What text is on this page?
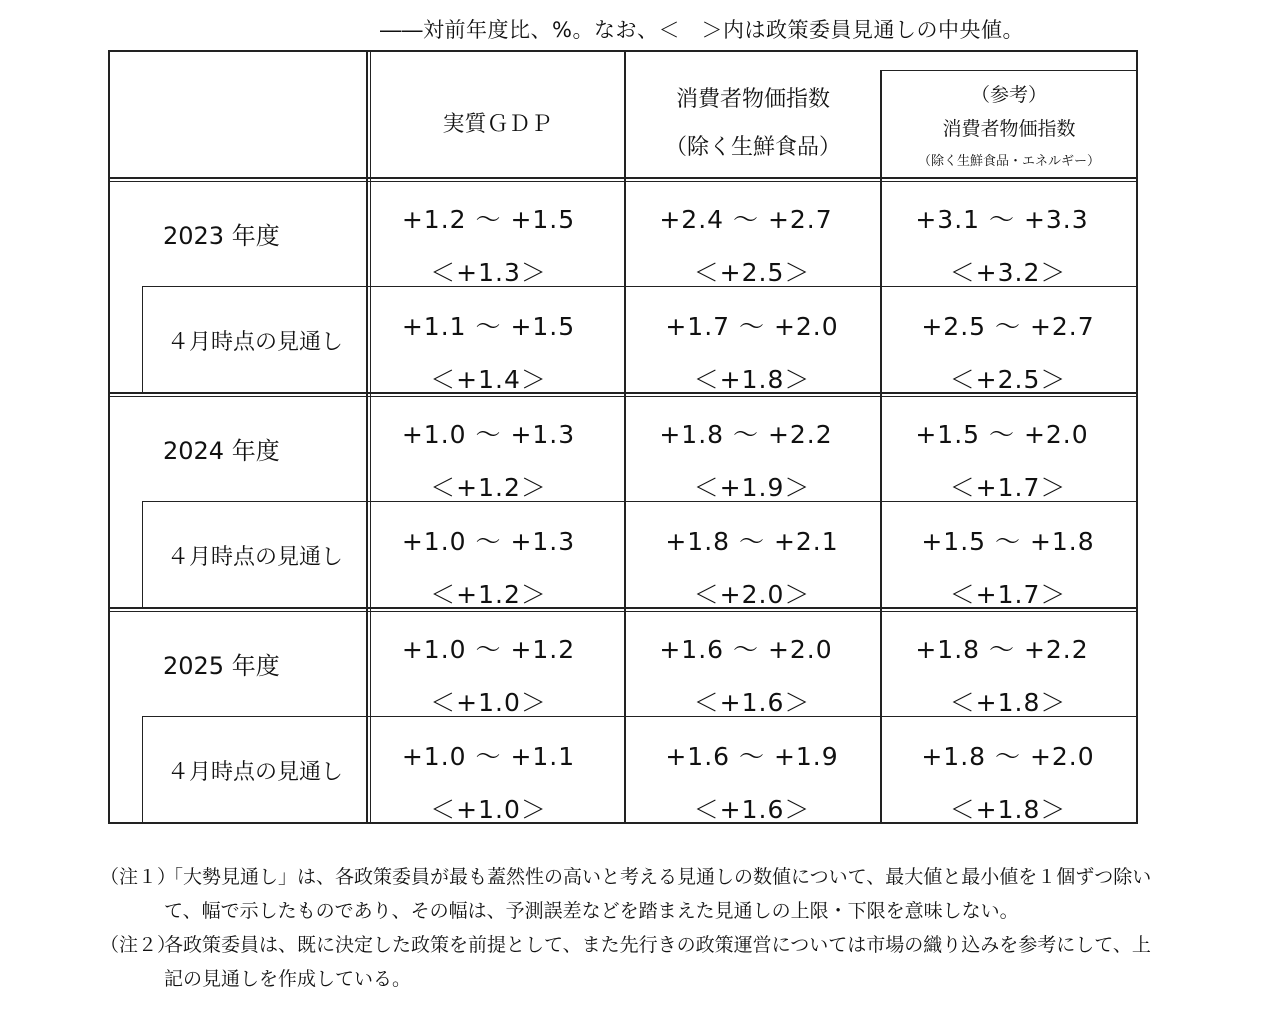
――対前年度比、%。なお、＜　＞内は政策委員見通しの中央値。
実質ＧＤＰ
消費者物価指数
（除く生鮮食品）
（参考）
消費者物価指数
（除く生鮮食品・エネルギー）
2023 年度
+1.2 ～ +1.5
＜+1.3＞
+2.4 ～ +2.7
＜+2.5＞
+3.1 ～ +3.3
＜+3.2＞
４月時点の見通し
+1.1 ～ +1.5
＜+1.4＞
+1.7 ～ +2.0
＜+1.8＞
+2.5 ～ +2.7
＜+2.5＞
2024 年度
+1.0 ～ +1.3
＜+1.2＞
+1.8 ～ +2.2
＜+1.9＞
+1.5 ～ +2.0
＜+1.7＞
４月時点の見通し
+1.0 ～ +1.3
＜+1.2＞
+1.8 ～ +2.1
＜+2.0＞
+1.5 ～ +1.8
＜+1.7＞
2025 年度
+1.0 ～ +1.2
＜+1.0＞
+1.6 ～ +2.0
＜+1.6＞
+1.8 ～ +2.2
＜+1.8＞
４月時点の見通し
+1.0 ～ +1.1
＜+1.0＞
+1.6 ～ +1.9
＜+1.6＞
+1.8 ～ +2.0
＜+1.8＞
（注１）
「大勢見通し」は、各政策委員が最も蓋然性の高いと考える見通しの数値について、最大値と最小値を１個ずつ除いて、幅で示したものであり、その幅は、予測誤差などを踏まえた見通しの上限・下限を意味しない。
（注２）
各政策委員は、既に決定した政策を前提として、また先行きの政策運営については市場の織り込みを参考にして、上記の見通しを作成している。
